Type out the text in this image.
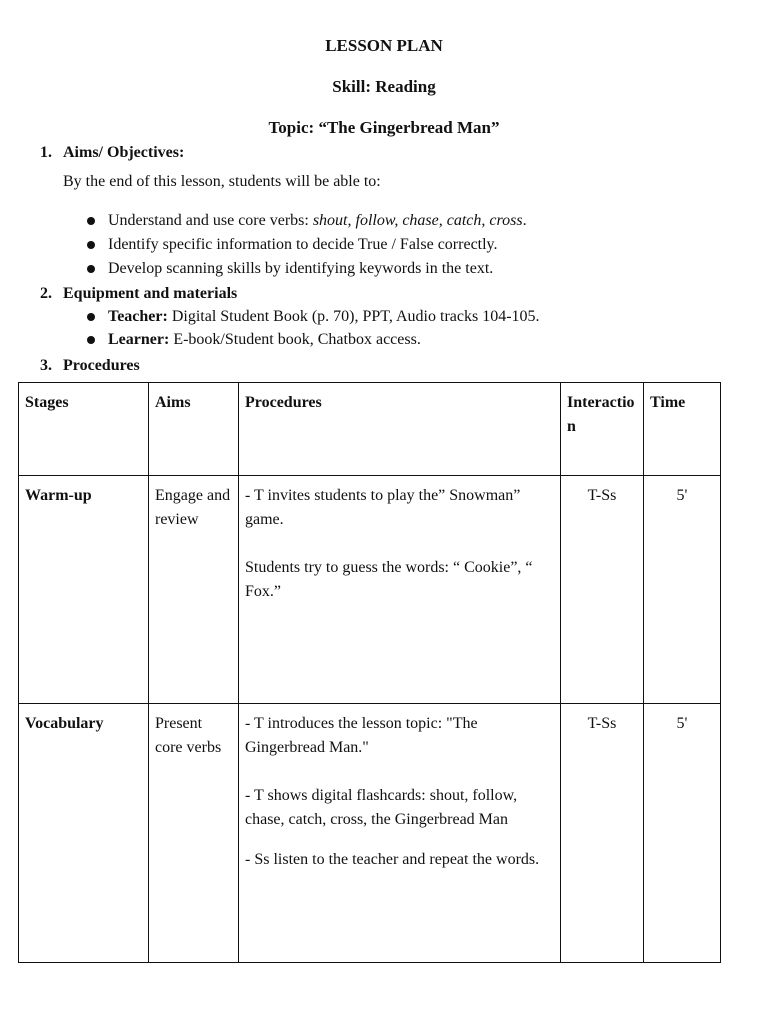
LESSON PLAN
Skill: Reading
Topic: “The Gingerbread Man”
1. Aims/ Objectives:
By the end of this lesson, students will be able to:
Understand and use core verbs: shout, follow, chase, catch, cross.
Identify specific information to decide True / False correctly.
Develop scanning skills by identifying keywords in the text.
2. Equipment and materials
Teacher: Digital Student Book (p. 70), PPT, Audio tracks 104-105.
Learner: E-book/Student book, Chatbox access.
3. Procedures
Stages	Aims	Procedures	Interaction	Time
Warm-up	Engage and review	- T invites students to play the” Snowman” game.
Students try to guess the words: “ Cookie”, “ Fox.”	T-Ss	5'
Vocabulary	Present core verbs	- T introduces the lesson topic: "The Gingerbread Man."
- T shows digital flashcards: shout, follow, chase, catch, cross, the Gingerbread Man
- Ss listen to the teacher and repeat the words.	T-Ss	5'
